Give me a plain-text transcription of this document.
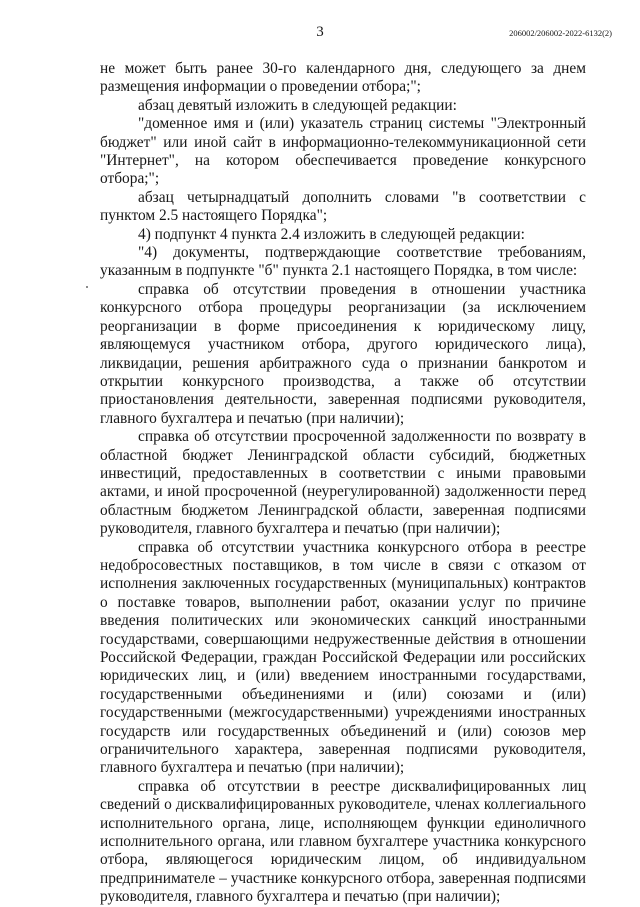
3	206002/206002-2022-6132(2)

не может быть ранее 30-го календарного дня, следующего за днем размещения информации о проведении отбора;";

абзац девятый изложить в следующей редакции:

"доменное имя и (или) указатель страниц системы "Электронный бюджет" или иной сайт в информационно-телекоммуникационной сети "Интернет", на котором обеспечивается проведение конкурсного отбора;";

абзац четырнадцатый дополнить словами "в соответствии с пунктом 2.5 настоящего Порядка";

4) подпункт 4 пункта 2.4 изложить в следующей редакции:

"4) документы, подтверждающие соответствие требованиям, указанным в подпункте "б" пункта 2.1 настоящего Порядка, в том числе:

справка об отсутствии проведения в отношении участника конкурсного отбора процедуры реорганизации (за исключением реорганизации в форме присоединения к юридическому лицу, являющемуся участником отбора, другого юридического лица), ликвидации, решения арбитражного суда о признании банкротом и открытии конкурсного производства, а также об отсутствии приостановления деятельности, заверенная подписями руководителя, главного бухгалтера и печатью (при наличии);

справка об отсутствии просроченной задолженности по возврату в областной бюджет Ленинградской области субсидий, бюджетных инвестиций, предоставленных в соответствии с иными правовыми актами, и иной просроченной (неурегулированной) задолженности перед областным бюджетом Ленинградской области, заверенная подписями руководителя, главного бухгалтера и печатью (при наличии);

справка об отсутствии участника конкурсного отбора в реестре недобросовестных поставщиков, в том числе в связи с отказом от исполнения заключенных государственных (муниципальных) контрактов о поставке товаров, выполнении работ, оказании услуг по причине введения политических или экономических санкций иностранными государствами, совершающими недружественные действия в отношении Российской Федерации, граждан Российской Федерации или российских юридических лиц, и (или) введением иностранными государствами, государственными объединениями и (или) союзами и (или) государственными (межгосударственными) учреждениями иностранных государств или государственных объединений и (или) союзов мер ограничительного характера, заверенная подписями руководителя, главного бухгалтера и печатью (при наличии);

справка об отсутствии в реестре дисквалифицированных лиц сведений о дисквалифицированных руководителе, членах коллегиального исполнительного органа, лице, исполняющем функции единоличного исполнительного органа, или главном бухгалтере участника конкурсного отбора, являющегося юридическим лицом, об индивидуальном предпринимателе – участнике конкурсного отбора, заверенная подписями руководителя, главного бухгалтера и печатью (при наличии);
